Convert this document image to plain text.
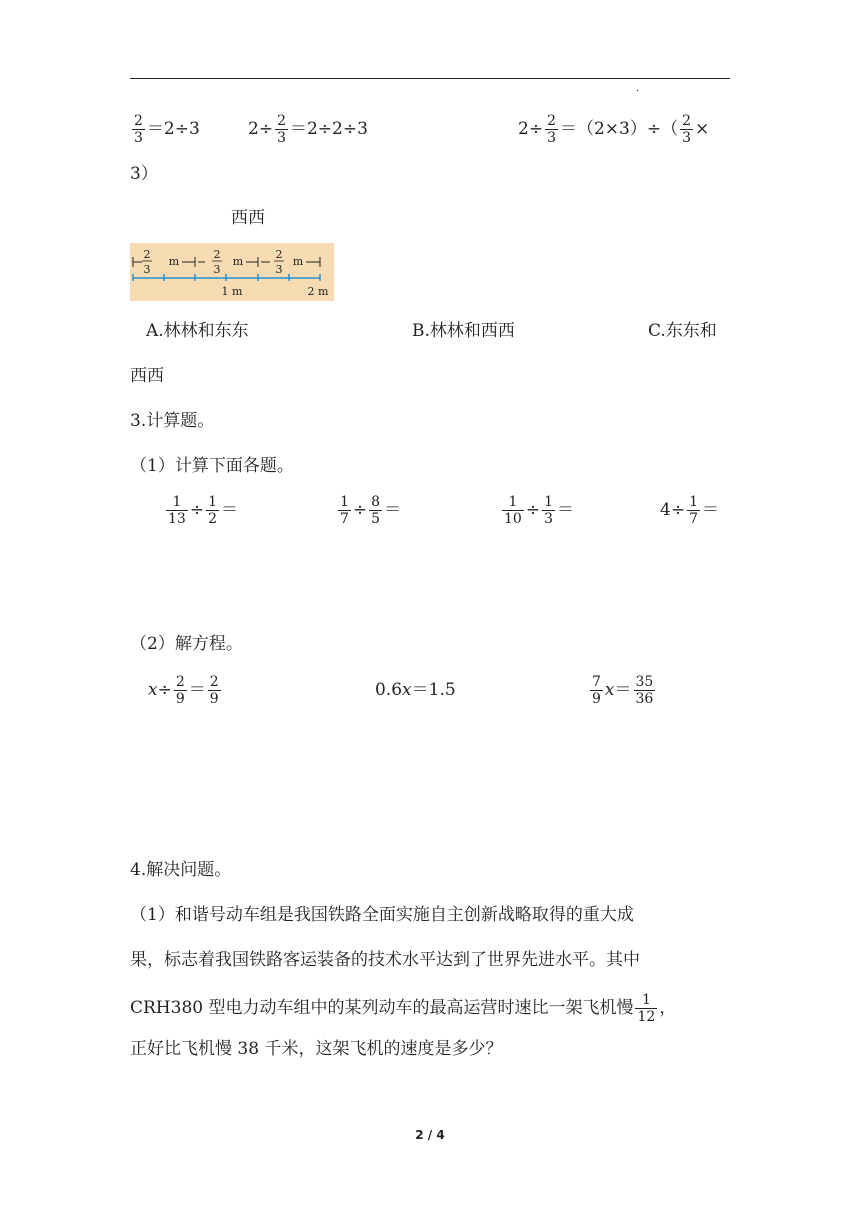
·
$\frac{2}{3} =2\div 3$	$2\div \frac{2}{3} =2\div 2\div 3$	$2\div \frac{2}{3} =(2\times 3)\div( \frac{2}{3}$ ×
3）
西西
2
3
m
2
3
m
2
3
m
1 m	2 m
A.林林和东东	B.林林和西西	C.东东和
西西
3.计算题。
（1）计算下面各题。
$\frac{1}{13} \div \frac{1}{2}$ ＝	$\frac{1}{7} \div \frac{8}{5}$ ＝	$\frac{1}{10} \div \frac{1}{3}$ ＝	$4\div \frac{1}{7}$ ＝
（2）解方程。
$x\div \frac{2}{9} = \frac{2}{9}$	0.6x＝1.5	$\frac{7}{9} x= \frac{35}{36}$
4.解决问题。
（1）和谐号动车组是我国铁路全面实施自主创新战略取得的重大成
果，标志着我国铁路客运装备的技术水平达到了世界先进水平。其中
CRH380 型电力动车组中的某列动车的最高运营时速比一架飞机慢 $\frac{1}{12}$ ，
正好比飞机慢 38 千米，这架飞机的速度是多少？
2 / 4
